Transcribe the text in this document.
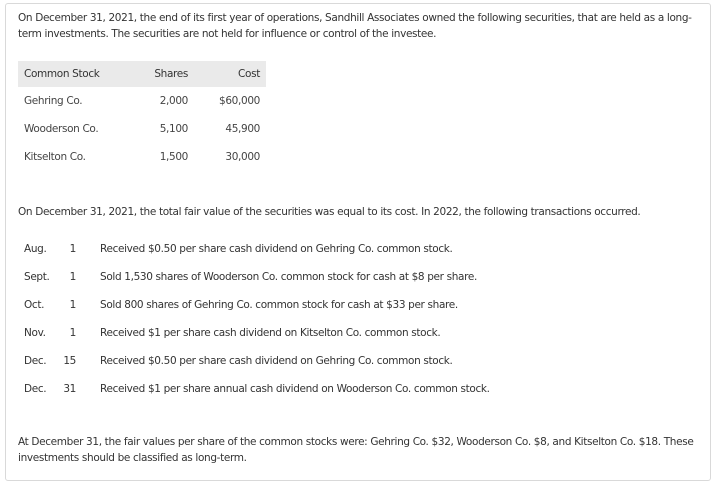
On December 31, 2021, the end of its first year of operations, Sandhill Associates owned the following securities, that are held as a long-term investments. The securities are not held for influence or control of the investee.
Common Stock	Shares	Cost
Gehring Co.	2,000	$60,000
Wooderson Co.	5,100	45,900
Kitselton Co.	1,500	30,000
On December 31, 2021, the total fair value of the securities was equal to its cost. In 2022, the following transactions occurred.
Aug.	1 Received $0.50 per share cash dividend on Gehring Co. common stock.
Sept.	1 Sold 1,530 shares of Wooderson Co. common stock for cash at $8 per share.
Oct.	1 Sold 800 shares of Gehring Co. common stock for cash at $33 per share.
Nov.	1 Received $1 per share cash dividend on Kitselton Co. common stock.
Dec.	15 Received $0.50 per share cash dividend on Gehring Co. common stock.
Dec.	31 Received $1 per share annual cash dividend on Wooderson Co. common stock.
At December 31, the fair values per share of the common stocks were: Gehring Co. $32, Wooderson Co. $8, and Kitselton Co. $18. These investments should be classified as long-term.
